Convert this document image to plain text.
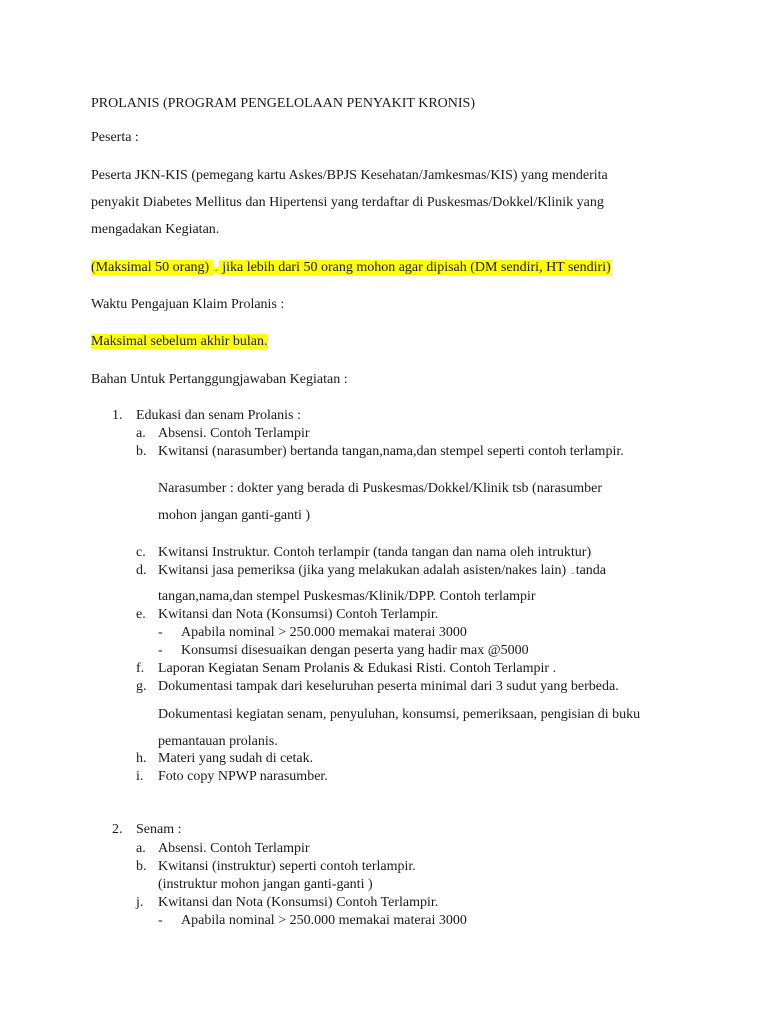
PROLANIS (PROGRAM PENGELOLAAN PENYAKIT KRONIS)
Peserta :
Peserta JKN-KIS (pemegang kartu Askes/BPJS Kesehatan/Jamkesmas/KIS) yang menderita
penyakit Diabetes Mellitus dan Hipertensi yang terdaftar di Puskesmas/Dokkel/Klinik yang
mengadakan Kegiatan.
(Maksimal 50 orang) → jika lebih dari 50 orang mohon agar dipisah (DM sendiri, HT sendiri)
Waktu Pengajuan Klaim Prolanis :
Maksimal sebelum akhir bulan.
Bahan Untuk Pertanggungjawaban Kegiatan :
1. Edukasi dan senam Prolanis :
a. Absensi. Contoh Terlampir
b. Kwitansi (narasumber) bertanda tangan,nama,dan stempel seperti contoh terlampir.
Narasumber : dokter yang berada di Puskesmas/Dokkel/Klinik tsb (narasumber
mohon jangan ganti-ganti )
c. Kwitansi Instruktur. Contoh terlampir (tanda tangan dan nama oleh intruktur)
d. Kwitansi jasa pemeriksa (jika yang melakukan adalah asisten/nakes lain) →tanda
tangan,nama,dan stempel Puskesmas/Klinik/DPP. Contoh terlampir
e. Kwitansi dan Nota (Konsumsi) Contoh Terlampir.
- Apabila nominal > 250.000 memakai materai 3000
- Konsumsi disesuaikan dengan peserta yang hadir max @5000
f. Laporan Kegiatan Senam Prolanis & Edukasi Risti. Contoh Terlampir .
g. Dokumentasi tampak dari keseluruhan peserta minimal dari 3 sudut yang berbeda.
Dokumentasi kegiatan senam, penyuluhan, konsumsi, pemeriksaan, pengisian di buku
pemantauan prolanis.
h. Materi yang sudah di cetak.
i. Foto copy NPWP narasumber.
2. Senam :
a. Absensi. Contoh Terlampir
b. Kwitansi (instruktur) seperti contoh terlampir.
(instruktur mohon jangan ganti-ganti )
j. Kwitansi dan Nota (Konsumsi) Contoh Terlampir.
- Apabila nominal > 250.000 memakai materai 3000
